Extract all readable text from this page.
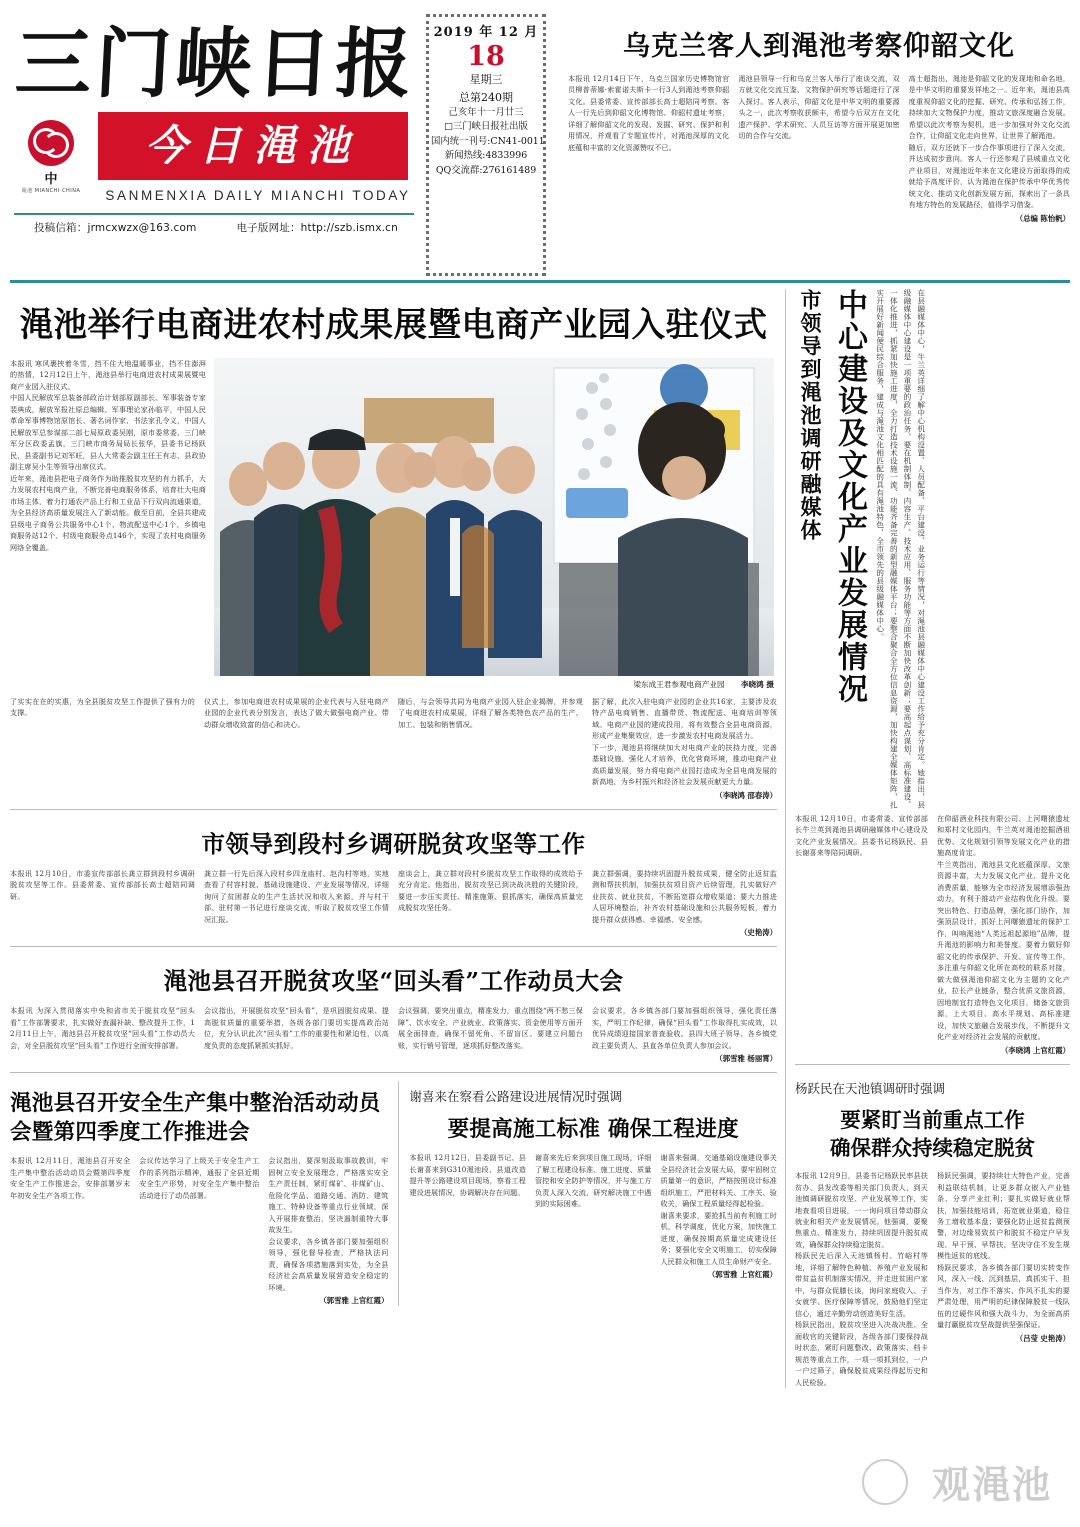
三门峡日报
中
渑池 MIANCHI·CHINA
今日渑池
SANMENXIA DAILY MIANCHI TODAY
投稿信箱：jrmcxwzx@163.com	电子版网址：http://szb.ismx.cn
2019 年 12 月
18
星期三
总第240期
己亥年十一月廿三
□三门峡日报社出版
国内统一刊号:CN41-0011
新闻热线:4833996
QQ交流群:276161489
乌克兰客人到渑池考察仰韶文化
本报讯 12月14日下午，乌克兰国家历史博物馆官员柳普蒂娜·索霍诺夫斯卡一行3人到渑池考察仰韶文化。县委常委、宣传部部长高士超陪同考察。客人一行先后到仰韶文化博物馆、仰韶村遗址考察，详细了解仰韶文化的发现、发掘、研究、保护和利用情况，并观看了专题宣传片，对渑池深厚的文化底蕴和丰富的文化资源赞叹不已。
渑池县领导一行和乌克兰客人举行了座谈交流，双方就文化交流互鉴、文物保护研究等话题进行了深入探讨。客人表示，仰韶文化是中华文明的重要源头之一，此次考察收获颇丰，希望今后双方在文化遗产保护、学术研究、人员互访等方面开展更加密切的合作与交流。
高士超指出，渑池是仰韶文化的发现地和命名地，是中华文明的重要发祥地之一。近年来，渑池县高度重视仰韶文化的挖掘、研究、传承和弘扬工作，持续加大文物保护力度，推动文旅深度融合发展。希望以此次考察为契机，进一步加强对外文化交流合作，让仰韶文化走向世界，让世界了解渑池。
随后，双方还就下一步合作事项进行了深入交流，并达成初步意向。客人一行还参观了县城重点文化产业项目，对渑池近年来在文化建设方面取得的成就给予高度评价，认为渑池在保护传承中华优秀传统文化、推动文化创新发展方面，探索出了一条具有地方特色的发展路径，值得学习借鉴。
（总编 陈怡帆）
渑池举行电商进农村成果展暨电商产业园入驻仪式
本报讯 寒风裹挟着冬雪，挡不住大地温暖事业，挡不住澎湃的热情，12月12日上午，渑池县举行电商进农村成果展暨电商产业园入驻仪式。
中国人民解放军总装备部政治计划部原副部长、军事装备专家裴典成，解放军报社原总编辑、军事理论家孙临平，中国人民革命军事博物馆原馆长、著名词作家、书法家孔令义，中国人民解放军总参谋部二部七局原政委吴刚，原市委常委、三门峡军分区政委孟旗，三门峡市商务局局长张华，县委书记杨跃民，县委副书记刘军旺，县人大常委会副主任王有志，县政协副主席吴小生等领导出席仪式。
近年来，渑池县把电子商务作为助推脱贫攻坚的有力抓手，大力发展农村电商产业，不断完善电商服务体系，培育壮大电商市场主体，着力打通农产品上行和工业品下行双向流通渠道，为全县经济高质量发展注入了新动能。截至目前，全县共建成县级电子商务公共服务中心1个、物流配送中心1个、乡镇电商服务站12个、村级电商服务点146个，实现了农村电商服务网络全覆盖。
梁东成王君参观电商产业园 李晓鸿 摄
了实实在在的实惠，为全县脱贫攻坚工作提供了强有力的支撑。
仪式上，参加电商进农村成果展的企业代表与入驻电商产业园的企业代表分别发言，表达了做大做强电商产业、带动群众增收致富的信心和决心。
随后，与会领导共同为电商产业园入驻企业揭牌，并参观了电商进农村成果展，详细了解各类特色农产品的生产、加工、包装和销售情况。
据了解，此次入驻电商产业园的企业共16家，主要涉及农特产品电商销售、直播带货、物流配送、电商培训等领域。电商产业园的建成投用，将有效整合全县电商资源，形成产业集聚效应，进一步激发农村电商发展活力。
下一步，渑池县将继续加大对电商产业的扶持力度，完善基础设施，强化人才培养，优化营商环境，推动电商产业高质量发展，努力将电商产业园打造成为全县电商发展的新高地，为乡村振兴和经济社会发展贡献更大力量。
（李晓鸿 邵春涛）
市领导到段村乡调研脱贫攻坚等工作
本报讯 12月10日，市委宣传部部长龚立群到段村乡调研脱贫攻坚等工作。县委常委、宣传部部长高士超陪同调研。
龚立群一行先后深入段村乡四龙庙村、赵沟村等地，实地查看了村容村貌、基础设施建设、产业发展等情况，详细询问了贫困群众的生产生活状况和收入来源，并与村干部、驻村第一书记进行座谈交流，听取了脱贫攻坚工作情况汇报。
座谈会上，龚立群对段村乡脱贫攻坚工作取得的成效给予充分肯定。他指出，脱贫攻坚已到决战决胜的关键阶段，要进一步压实责任、精准施策、狠抓落实，确保高质量完成脱贫攻坚任务。
龚立群强调，要持续巩固提升脱贫成果，健全防止返贫监测和帮扶机制，加强扶贫项目资产后续管理，扎实做好产业扶贫、就业扶贫，不断拓宽群众增收渠道；要大力推进人居环境整治，补齐农村基础设施和公共服务短板，着力提升群众获得感、幸福感、安全感。
（史艳涛）
渑池县召开脱贫攻坚“回头看”工作动员大会
本报讯 为深入贯彻落实中央和省市关于脱贫攻坚“回头看”工作部署要求，扎实做好查漏补缺、整改提升工作，12月11日上午，渑池县召开脱贫攻坚“回头看”工作动员大会，对全县脱贫攻坚“回头看”工作进行全面安排部署。
会议指出，开展脱贫攻坚“回头看”，是巩固脱贫成果、提高脱贫质量的重要举措，各级各部门要切实提高政治站位，充分认识此次“回头看”工作的重要性和紧迫性，以高度负责的态度抓紧抓实抓好。
会议强调，要突出重点，精准发力，重点围绕“两不愁三保障”、饮水安全、产业就业、政策落实、资金使用等方面开展全面排查，确保不留死角、不留盲区。要建立问题台账，实行销号管理，逐项抓好整改落实。
会议要求，各乡镇各部门要加强组织领导，强化责任落实，严明工作纪律，确保“回头看”工作取得扎实成效，以优异成绩迎接国家普查验收。县四大班子领导、各乡镇党政主要负责人、县直各单位负责人参加会议。
（郭雪雅 杨丽霄）
渑池县召开安全生产集中整治活动动员会暨第四季度工作推进会
本报讯 12月11日，渑池县召开安全生产集中整治活动动员会暨第四季度安全生产工作推进会，安排部署岁末年初安全生产各项工作。
会议传达学习了上级关于安全生产工作的系列指示精神，通报了全县近期安全生产形势，对安全生产集中整治活动进行了动员部署。
会议指出，要深刻汲取事故教训，牢固树立安全发展理念，严格落实安全生产责任制，紧盯煤矿、非煤矿山、危险化学品、道路交通、消防、建筑施工、特种设备等重点行业领域，深入开展排查整治，坚决遏制重特大事故发生。
会议要求，各乡镇各部门要加强组织领导，强化督导检查，严格执法问责，确保各项措施落到实处，为全县经济社会高质量发展营造安全稳定的环境。
（郭雪雅 上官红霞）
谢喜来在察看公路建设进展情况时强调
要提高施工标准 确保工程进度
本报讯 12月12日，县委副书记、县长谢喜来到G310渑池段、县道改造提升等公路建设项目现场，察看工程建设进展情况，协调解决存在问题。
谢喜来先后来到项目施工现场，详细了解工程建设标准、施工进度、质量管控和安全防护等情况，并与施工方负责人深入交流，研究解决施工中遇到的实际困难。
谢喜来强调，交通基础设施建设事关全县经济社会发展大局，要牢固树立质量第一的意识，严格按照设计标准组织施工，严把材料关、工序关、验收关，确保工程质量经得起检验。
谢喜来要求，要抢抓当前有利施工时机，科学调度，优化方案，加快施工进度，确保按期高质量完成建设任务；要强化安全文明施工，切实保障人民群众和施工人员生命财产安全。
（郭雪雅 上官红霞）
在县融媒体中心，牛兰英详细了解中心机构设置、人员配备、平台建设、业务运行等情况，对渑池县融媒体中心建设工作给予充分肯定。她指出，县级融媒体中心建设是一项重要的政治任务，要在机制体制、内容生产、技术应用、服务功能等方面不断加快改革创新；要高起点谋划、高标准建设、一体化推进，抓紧加快施工进度，全力打造技术设施一流、功能齐备完善的新型融媒体平台；要整合聚合全方位信息资源，加快构建全媒体矩阵，扎实开展好新闻便民综合服务，建成与渑池文化相匹配的具有渑池特色、全市领先的县级融媒体中心。
中心建设及文化产业发展情况
市领导到渑池调研融媒体
本报讯 12月10日，市委常委、宣传部部长牛兰英到渑池县调研融媒体中心建设及文化产业发展情况。县委书记杨跃民、县长谢喜来等陪同调研。
在仰韶酒业科技有限公司、上河曙猿遗址和郑村文化园内，牛兰英对渑池挖掘酒祖优势、文化规划引领等发展文化产业的措施高度肯定。
牛兰英指出，渑池县文化底蕴深厚、文旅资源丰富，大力发展文化产业、提升文化消费质量，能够为全市经济发展增添强劲动力，有利于推动产业结构优化升级。要突出特色、打造品牌，强化部门协作，加强顶层设计，抓好上河曙猿遗址的保护工作，叫响渑池“人类远祖起源地”品牌，提升渑池的影响力和美誉度。要着力做好仰韶文化的传承保护、开发、宣传等工作，多注重与仰韶文化所在高校的联系对接，做大做强渑池仰韶文化为主题的文化产业，拉长产业链条，整合优质文旅资源，因地制宜打造特色文化项目，储备文旅资源，上大项目、高水平规划、高标准建设，加快文旅融合发展步伐，不断提升文化产业对经济社会发展的贡献度。
（李晓鸿 上官红霞）
杨跃民在天池镇调研时强调
要紧盯当前重点工作
确保群众持续稳定脱贫
本报讯 12月9日，县委书记杨跃民率县扶贫办、县发改委等相关部门负责人，到天池镇调研脱贫攻坚、产业发展等工作，实地查看项目进展，一一询问项目带动群众就业和相关产业发展情况。他强调，要聚焦重点、精准发力，持续巩固提升脱贫成效，确保群众持续稳定脱贫。
杨跃民先后深入天池镇杨村、竹峪村等地，详细了解特色种植、养殖产业发展和带贫益贫机制落实情况，并走进贫困户家中，与群众促膝长谈，询问家庭收入、子女就学、医疗保障等情况，鼓励他们坚定信心，通过辛勤劳动创造美好生活。
杨跃民指出，脱贫攻坚进入决战决胜、全面收官的关键阶段，各级各部门要保持战时状态，紧盯问题整改、政策落实、档卡规范等重点工作，一项一项抓到位，一户一户过筛子，确保脱贫成果经得起历史和人民检验。
杨跃民强调，要持续壮大特色产业，完善利益联结机制，让更多群众嵌入产业链条、分享产业红利；要扎实做好就业帮扶，加强技能培训，拓宽就业渠道，稳住务工增收基本盘；要强化防止返贫监测预警，对边缘易致贫户和脱贫不稳定户早发现、早干预、早帮扶，坚决守住不发生规模性返贫的底线。
杨跃民要求，各乡镇各部门要切实转变作风，深入一线、沉到基层，真抓实干、担当作为，对工作不落实、作风不扎实的要严肃处理，用严明的纪律保障脱贫一线队伍的过硬作风和强大战斗力，为全面高质量打赢脱贫攻坚战提供坚强保证。
（吕莹 史艳涛）
观渑池
